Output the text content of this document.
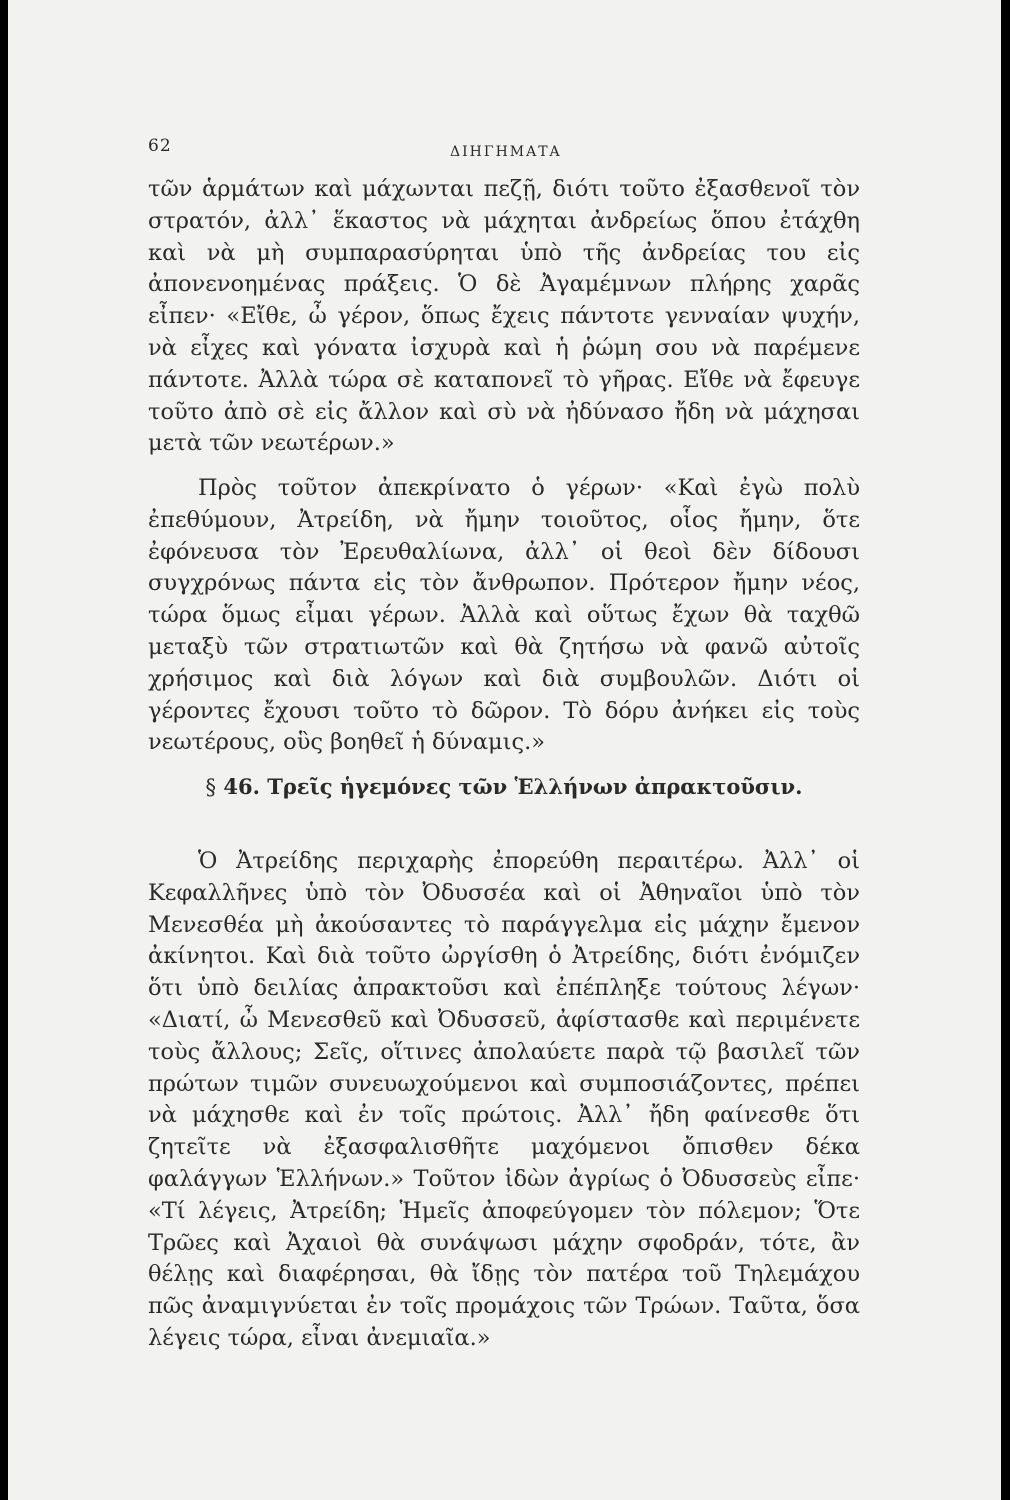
62	ΔΙΗΓΗΜΑΤΑ

τῶν ἁρμάτων καὶ μάχωνται πεζῇ, διότι τοῦτο ἐξασθενοῖ τὸν στρατόν, ἀλλ᾽ ἕκαστος νὰ μάχηται ἀνδρείως ὅπου ἐτάχθη καὶ νὰ μὴ συμπαρασύρηται ὑπὸ τῆς ἀνδρείας του εἰς ἀπονενοημένας πράξεις. Ὁ δὲ Ἀγαμέμνων πλήρης χαρᾶς εἶπεν· «Εἴθε, ὦ γέρον, ὅπως ἔχεις πάντοτε γενναίαν ψυχήν, νὰ εἶχες καὶ γόνατα ἰσχυρὰ καὶ ἡ ῥώμη σου νὰ παρέμενε πάντοτε. Ἀλλὰ τώρα σὲ καταπονεῖ τὸ γῆρας. Εἴθε νὰ ἔφευγε τοῦτο ἀπὸ σὲ εἰς ἄλλον καὶ σὺ νὰ ἠδύνασο ἤδη νὰ μάχησαι μετὰ τῶν νεωτέρων.»

Πρὸς τοῦτον ἀπεκρίνατο ὁ γέρων· «Καὶ ἐγὼ πολὺ ἐπεθύμουν, Ἀτρείδη, νὰ ἤμην τοιοῦτος, οἷος ἤμην, ὅτε ἐφόνευσα τὸν Ἐρευθαλίωνα, ἀλλ᾽ οἱ θεοὶ δὲν δίδουσι συγχρόνως πάντα εἰς τὸν ἄνθρωπον. Πρότερον ἤμην νέος, τώρα ὅμως εἶμαι γέρων. Ἀλλὰ καὶ οὕτως ἔχων θὰ ταχθῶ μεταξὺ τῶν στρατιωτῶν καὶ θὰ ζητήσω νὰ φανῶ αὐτοῖς χρήσιμος καὶ διὰ λόγων καὶ διὰ συμβουλῶν. Διότι οἱ γέροντες ἔχουσι τοῦτο τὸ δῶρον. Τὸ δόρυ ἀνήκει εἰς τοὺς νεωτέρους, οὓς βοηθεῖ ἡ δύναμις.»

§ 46. Τρεῖς ἡγεμόνες τῶν Ἑλλήνων ἀπρακτοῦσιν.

Ὁ Ἀτρείδης περιχαρὴς ἐπορεύθη περαιτέρω. Ἀλλ᾽ οἱ Κεφαλλῆνες ὑπὸ τὸν Ὀδυσσέα καὶ οἱ Ἀθηναῖοι ὑπὸ τὸν Μενεσθέα μὴ ἀκούσαντες τὸ παράγγελμα εἰς μάχην ἔμενον ἀκίνητοι. Καὶ διὰ τοῦτο ὠργίσθη ὁ Ἀτρείδης, διότι ἐνόμιζεν ὅτι ὑπὸ δειλίας ἀπρακτοῦσι καὶ ἐπέπληξε τούτους λέγων· «Διατί, ὦ Μενεσθεῦ καὶ Ὀδυσσεῦ, ἀφίστασθε καὶ περιμένετε τοὺς ἄλλους; Σεῖς, οἵτινες ἀπολαύετε παρὰ τῷ βασιλεῖ τῶν πρώτων τιμῶν συνευωχούμενοι καὶ συμποσιάζοντες, πρέπει νὰ μάχησθε καὶ ἐν τοῖς πρώτοις. Ἀλλ᾽ ἤδη φαίνεσθε ὅτι ζητεῖτε νὰ ἐξασφαλισθῆτε μαχόμενοι ὄπισθεν δέκα φαλάγγων Ἑλλήνων.» Τοῦτον ἰδὼν ἀγρίως ὁ Ὀδυσσεὺς εἶπε· «Τί λέγεις, Ἀτρείδη; Ἡμεῖς ἀποφεύγομεν τὸν πόλεμον; Ὅτε Τρῶες καὶ Ἀχαιοὶ θὰ συνάψωσι μάχην σφοδράν, τότε, ἂν θέλῃς καὶ διαφέρησαι, θὰ ἴδῃς τὸν πατέρα τοῦ Τηλεμάχου πῶς ἀναμιγνύεται ἐν τοῖς προμάχοις τῶν Τρώων. Ταῦτα, ὅσα λέγεις τώρα, εἶναι ἀνεμιαῖα.»
